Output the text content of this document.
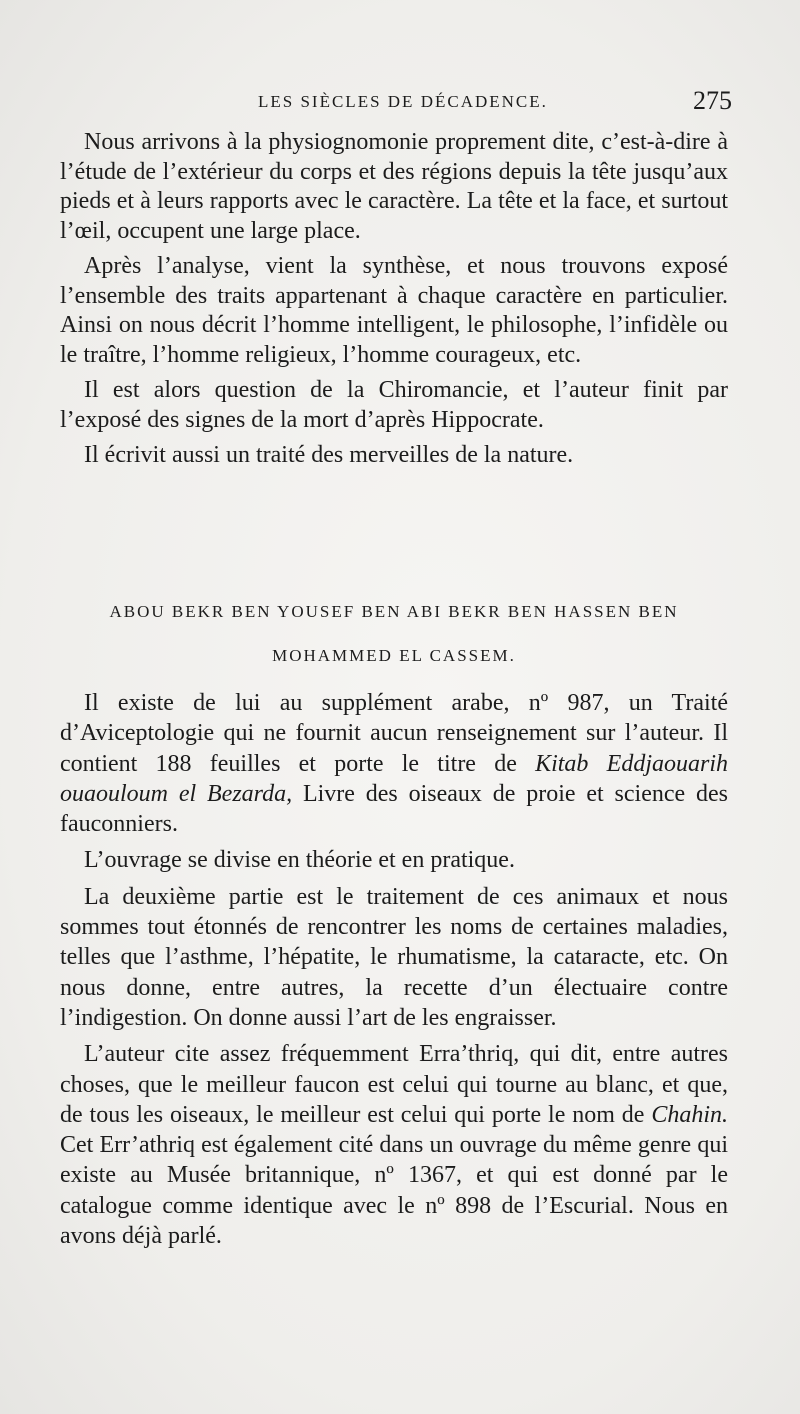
LES SIÈCLES DE DÉCADENCE.	275

Nous arrivons à la physiognomonie proprement dite, c’est-à-dire à l’étude de l’extérieur du corps et des régions depuis la tête jusqu’aux pieds et à leurs rapports avec le caractère. La tête et la face, et surtout l’œil, occupent une large place.

Après l’analyse, vient la synthèse, et nous trouvons exposé l’ensemble des traits appartenant à chaque caractère en particulier. Ainsi on nous décrit l’homme intelligent, le philosophe, l’infidèle ou le traître, l’homme religieux, l’homme courageux, etc.

Il est alors question de la Chiromancie, et l’auteur finit par l’exposé des signes de la mort d’après Hippocrate.

Il écrivit aussi un traité des merveilles de la nature.

ABOU BEKR BEN YOUSEF BEN ABI BEKR BEN HASSEN BEN MOHAMMED EL CASSEM.

Il existe de lui au supplément arabe, nº 987, un Traité d’Aviceptologie qui ne fournit aucun renseignement sur l’auteur. Il contient 188 feuilles et porte le titre de Kitab Eddjaouarih ouaouloum el Bezarda, Livre des oiseaux de proie et science des fauconniers.

L’ouvrage se divise en théorie et en pratique.

La deuxième partie est le traitement de ces animaux et nous sommes tout étonnés de rencontrer les noms de certaines maladies, telles que l’asthme, l’hépatite, le rhumatisme, la cataracte, etc. On nous donne, entre autres, la recette d’un électuaire contre l’indigestion. On donne aussi l’art de les engraisser.

L’auteur cite assez fréquemment Erra’thriq, qui dit, entre autres choses, que le meilleur faucon est celui qui tourne au blanc, et que, de tous les oiseaux, le meilleur est celui qui porte le nom de Chahin. Cet Err’athriq est également cité dans un ouvrage du même genre qui existe au Musée britannique, nº 1367, et qui est donné par le catalogue comme identique avec le nº 898 de l’Escurial. Nous en avons déjà parlé.
